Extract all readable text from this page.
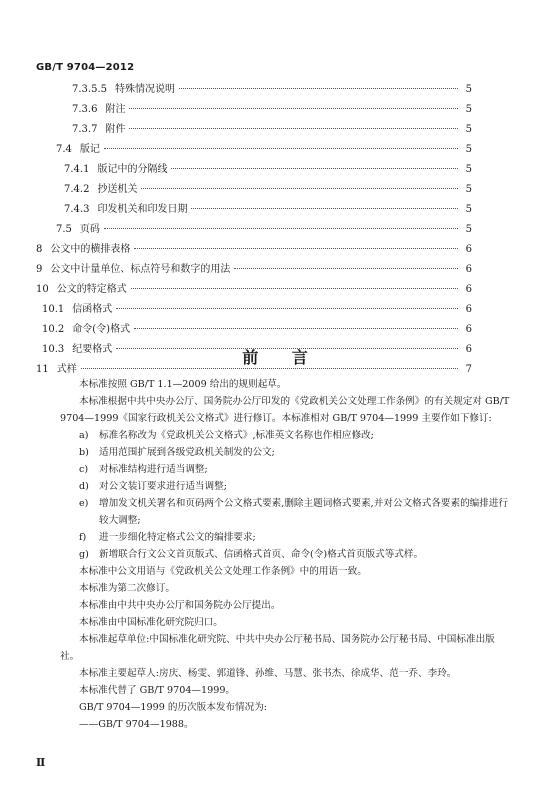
GB/T 9704—2012
7.3.5.5 特殊情况说明	5
7.3.6 附注	5
7.3.7 附件	5
7.4 版记	5
7.4.1 版记中的分隔线	5
7.4.2 抄送机关	5
7.4.3 印发机关和印发日期	5
7.5 页码	5
8 公文中的横排表格	6
9 公文中计量单位、标点符号和数字的用法	6
10 公文的特定格式	6
10.1 信函格式	6
10.2 命令(令)格式	6
10.3 纪要格式	6
11 式样	7
前 言

本标准按照 GB/T 1.1—2009 给出的规则起草。

本标准根据中共中央办公厅、国务院办公厅印发的《党政机关公文处理工作条例》的有关规定对 GB/T 9704—1999《国家行政机关公文格式》进行修订。本标准相对 GB/T 9704—1999 主要作如下修订:

a)	标准名称改为《党政机关公文格式》,标准英文名称也作相应修改;
b)	适用范围扩展到各级党政机关制发的公文;
c)	对标准结构进行适当调整;
d)	对公文装订要求进行适当调整;
e)	增加发文机关署名和页码两个公文格式要素,删除主题词格式要素,并对公文格式各要素的编排进行较大调整;
f)	进一步细化特定格式公文的编排要求;
g)	新增联合行文公文首页版式、信函格式首页、命令(令)格式首页版式等式样。

本标准中公文用语与《党政机关公文处理工作条例》中的用语一致。

本标准为第二次修订。

本标准由中共中央办公厅和国务院办公厅提出。

本标准由中国标准化研究院归口。

本标准起草单位:中国标准化研究院、中共中央办公厅秘书局、国务院办公厅秘书局、中国标准出版社。

本标准主要起草人:房庆、杨雯、郭道锋、孙维、马慧、张书杰、徐成华、范一乔、李玲。

本标准代替了 GB/T 9704—1999。

GB/T 9704—1999 的历次版本发布情况为:

——GB/T 9704—1988。

Ⅱ
